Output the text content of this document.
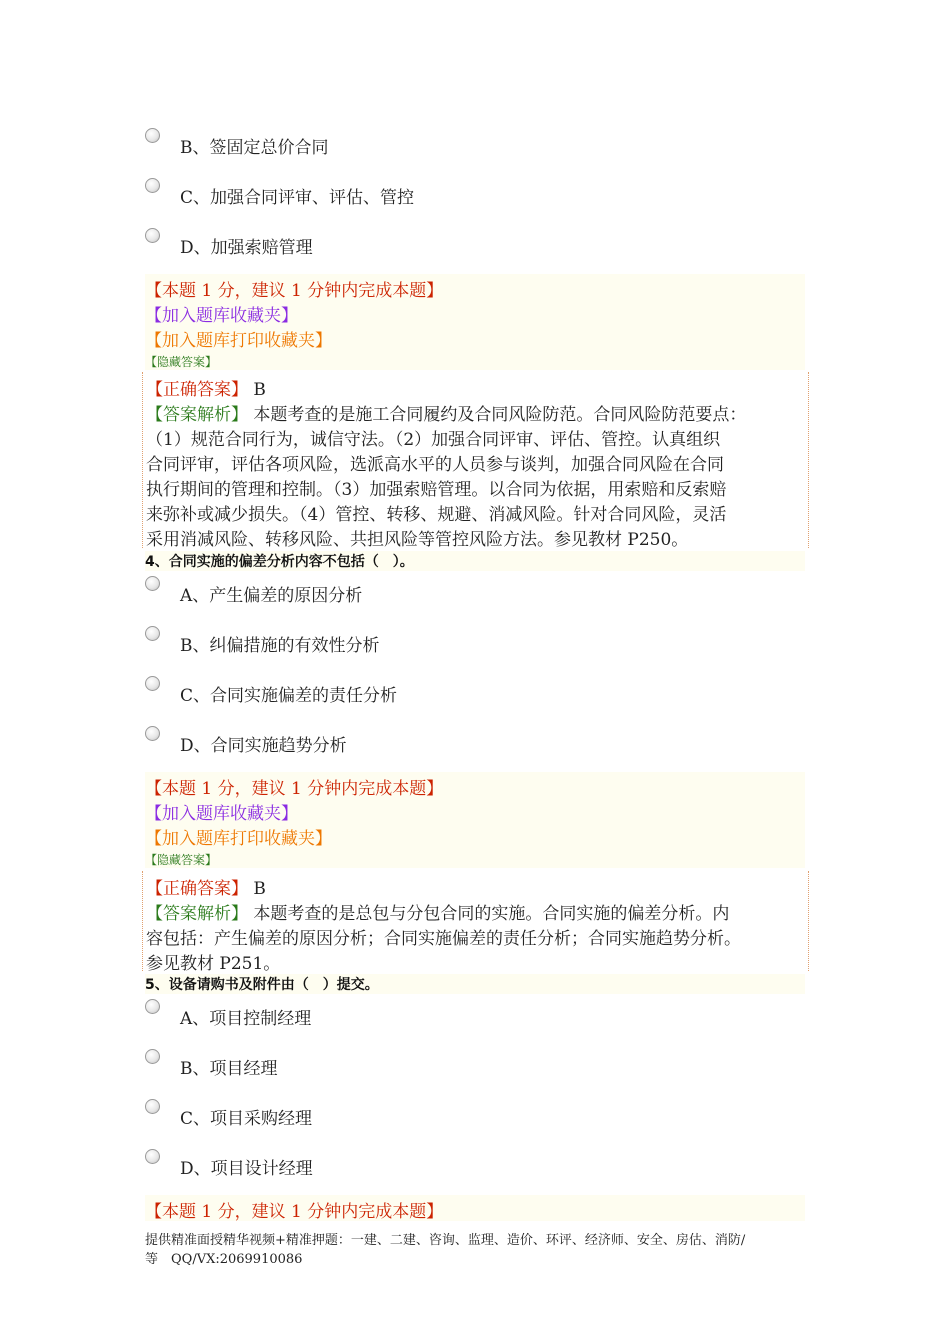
B、签固定总价合同
C、加强合同评审、评估、管控
D、加强索赔管理
【本题 1 分，建议 1 分钟内完成本题】
【加入题库收藏夹】
【加入题库打印收藏夹】
【隐藏答案】
【正确答案】 B
【答案解析】 本题考查的是施工合同履约及合同风险防范。合同风险防范要点：
（1）规范合同行为，诚信守法。（2）加强合同评审、评估、管控。认真组织
合同评审，评估各项风险，选派高水平的人员参与谈判，加强合同风险在合同
执行期间的管理和控制。（3）加强索赔管理。以合同为依据，用索赔和反索赔
来弥补或减少损失。（4）管控、转移、规避、消减风险。针对合同风险，灵活
采用消减风险、转移风险、共担风险等管控风险方法。参见教材 P250。
4、合同实施的偏差分析内容不包括（　）。
A、产生偏差的原因分析
B、纠偏措施的有效性分析
C、合同实施偏差的责任分析
D、合同实施趋势分析
【本题 1 分，建议 1 分钟内完成本题】
【加入题库收藏夹】
【加入题库打印收藏夹】
【隐藏答案】
【正确答案】 B
【答案解析】 本题考查的是总包与分包合同的实施。合同实施的偏差分析。内
容包括：产生偏差的原因分析；合同实施偏差的责任分析；合同实施趋势分析。
参见教材 P251。
5、设备请购书及附件由（　）提交。
A、项目控制经理
B、项目经理
C、项目采购经理
D、项目设计经理
【本题 1 分，建议 1 分钟内完成本题】
提供精准面授精华视频+精准押题：一建、二建、咨询、监理、造价、环评、经济师、安全、房估、消防/
等　QQ/VX:2069910086
